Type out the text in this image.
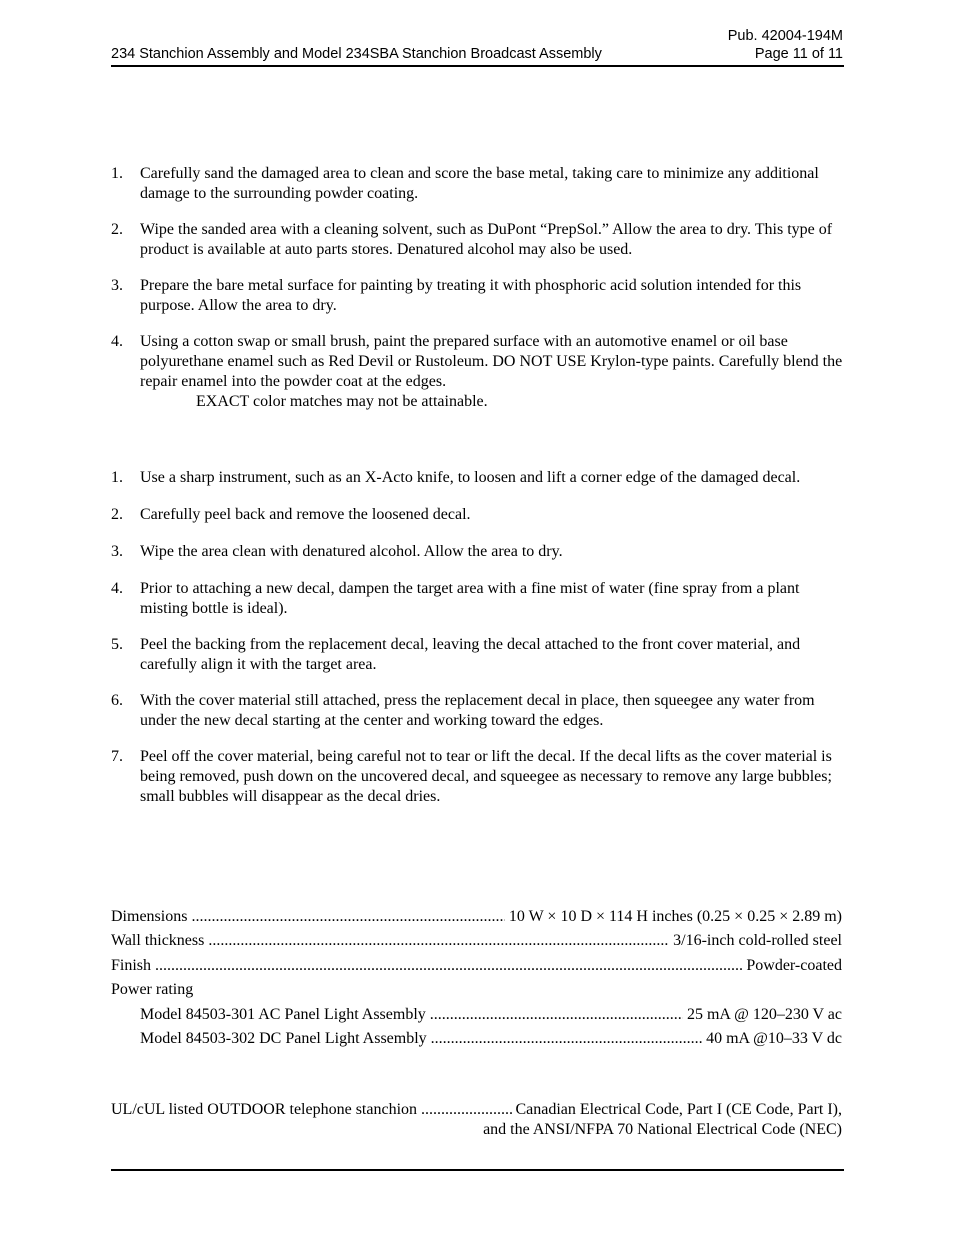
Pub. 42004-194M
234 Stanchion Assembly and Model 234SBA Stanchion Broadcast Assembly	Page 11 of 11
1.	Carefully sand the damaged area to clean and score the base metal, taking care to minimize any additional damage to the surrounding powder coating.
2.	Wipe the sanded area with a cleaning solvent, such as DuPont “PrepSol.” Allow the area to dry. This type of product is available at auto parts stores. Denatured alcohol may also be used.
3.	Prepare the bare metal surface for painting by treating it with phosphoric acid solution intended for this purpose. Allow the area to dry.
4.	Using a cotton swap or small brush, paint the prepared surface with an automotive enamel or oil base polyurethane enamel such as Red Devil or Rustoleum. DO NOT USE Krylon-type paints. Carefully blend the repair enamel into the powder coat at the edges.
EXACT color matches may not be attainable.
1.	Use a sharp instrument, such as an X-Acto knife, to loosen and lift a corner edge of the damaged decal.
2.	Carefully peel back and remove the loosened decal.
3.	Wipe the area clean with denatured alcohol. Allow the area to dry.
4.	Prior to attaching a new decal, dampen the target area with a fine mist of water (fine spray from a plant misting bottle is ideal).
5.	Peel the backing from the replacement decal, leaving the decal attached to the front cover material, and carefully align it with the target area.
6.	With the cover material still attached, press the replacement decal in place, then squeegee any water from under the new decal starting at the center and working toward the edges.
7.	Peel off the cover material, being careful not to tear or lift the decal. If the decal lifts as the cover material is being removed, push down on the uncovered decal, and squeegee as necessary to remove any large bubbles; small bubbles will disappear as the decal dries.
Dimensions .....	10 W × 10 D × 114 H inches (0.25 × 0.25 × 2.89 m)
Wall thickness .....	3/16-inch cold-rolled steel
Finish .....	Powder-coated
Power rating
Model 84503-301 AC Panel Light Assembly .....	25 mA @ 120–230 V ac
Model 84503-302 DC Panel Light Assembly .....	40 mA @10–33 V dc
UL/cUL listed OUTDOOR telephone stanchion .....	Canadian Electrical Code, Part I (CE Code, Part I),
and the ANSI/NFPA 70 National Electrical Code (NEC)
